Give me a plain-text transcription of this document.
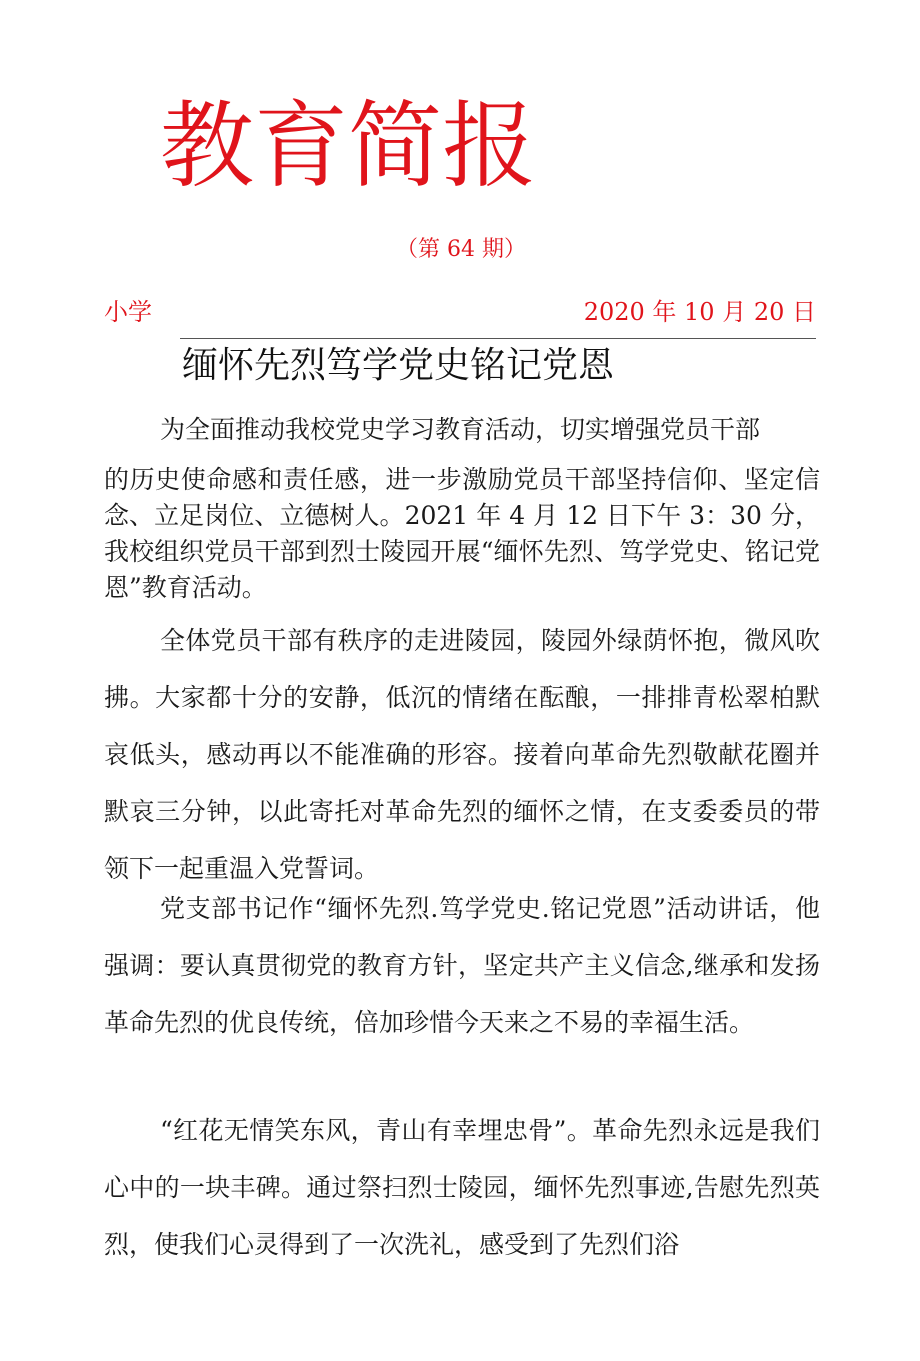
教育简报
（第 64 期）
小学	2020 年 10 月 20 日
缅怀先烈笃学党史铭记党恩

为全面推动我校党史学习教育活动，切实增强党员干部

的历史使命感和责任感，进一步激励党员干部坚持信仰、坚定信念、立足岗位、立德树人。2021 年 4 月 12 日下午 3：30 分，我校组织党员干部到烈士陵园开展“缅怀先烈、笃学党史、铭记党恩”教育活动。

全体党员干部有秩序的走进陵园，陵园外绿荫怀抱，微风吹拂。大家都十分的安静，低沉的情绪在酝酿，一排排青松翠柏默哀低头，感动再以不能准确的形容。接着向革命先烈敬献花圈并默哀三分钟，以此寄托对革命先烈的缅怀之情，在支委委员的带领下一起重温入党誓词。

党支部书记作“缅怀先烈.笃学党史.铭记党恩”活动讲话，他强调：要认真贯彻党的教育方针，坚定共产主义信念,继承和发扬革命先烈的优良传统，倍加珍惜今天来之不易的幸福生活。

“红花无情笑东风，青山有幸埋忠骨”。革命先烈永远是我们心中的一块丰碑。通过祭扫烈士陵园，缅怀先烈事迹,告慰先烈英烈，使我们心灵得到了一次洗礼，感受到了先烈们浴
